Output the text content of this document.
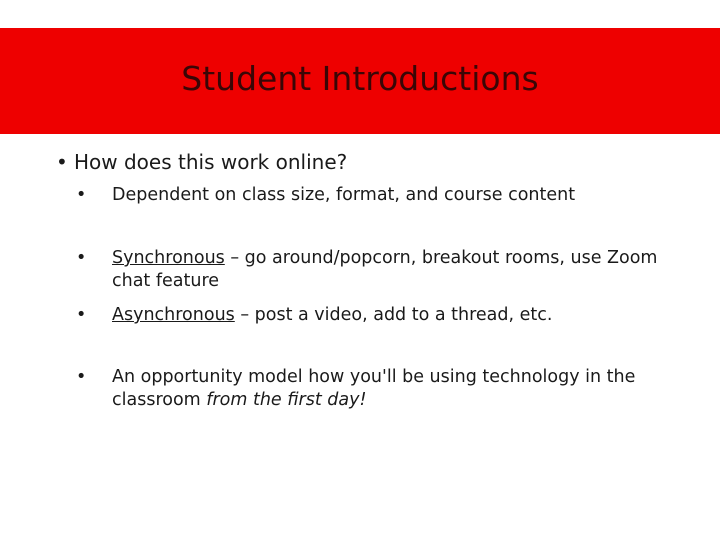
Student Introductions
• How does this work online?
• Dependent on class size, format, and course content
• Synchronous – go around/popcorn, breakout rooms, use Zoom chat feature
• Asynchronous – post a video, add to a thread, etc.
• An opportunity model how you'll be using technology in the classroom from the first day!
